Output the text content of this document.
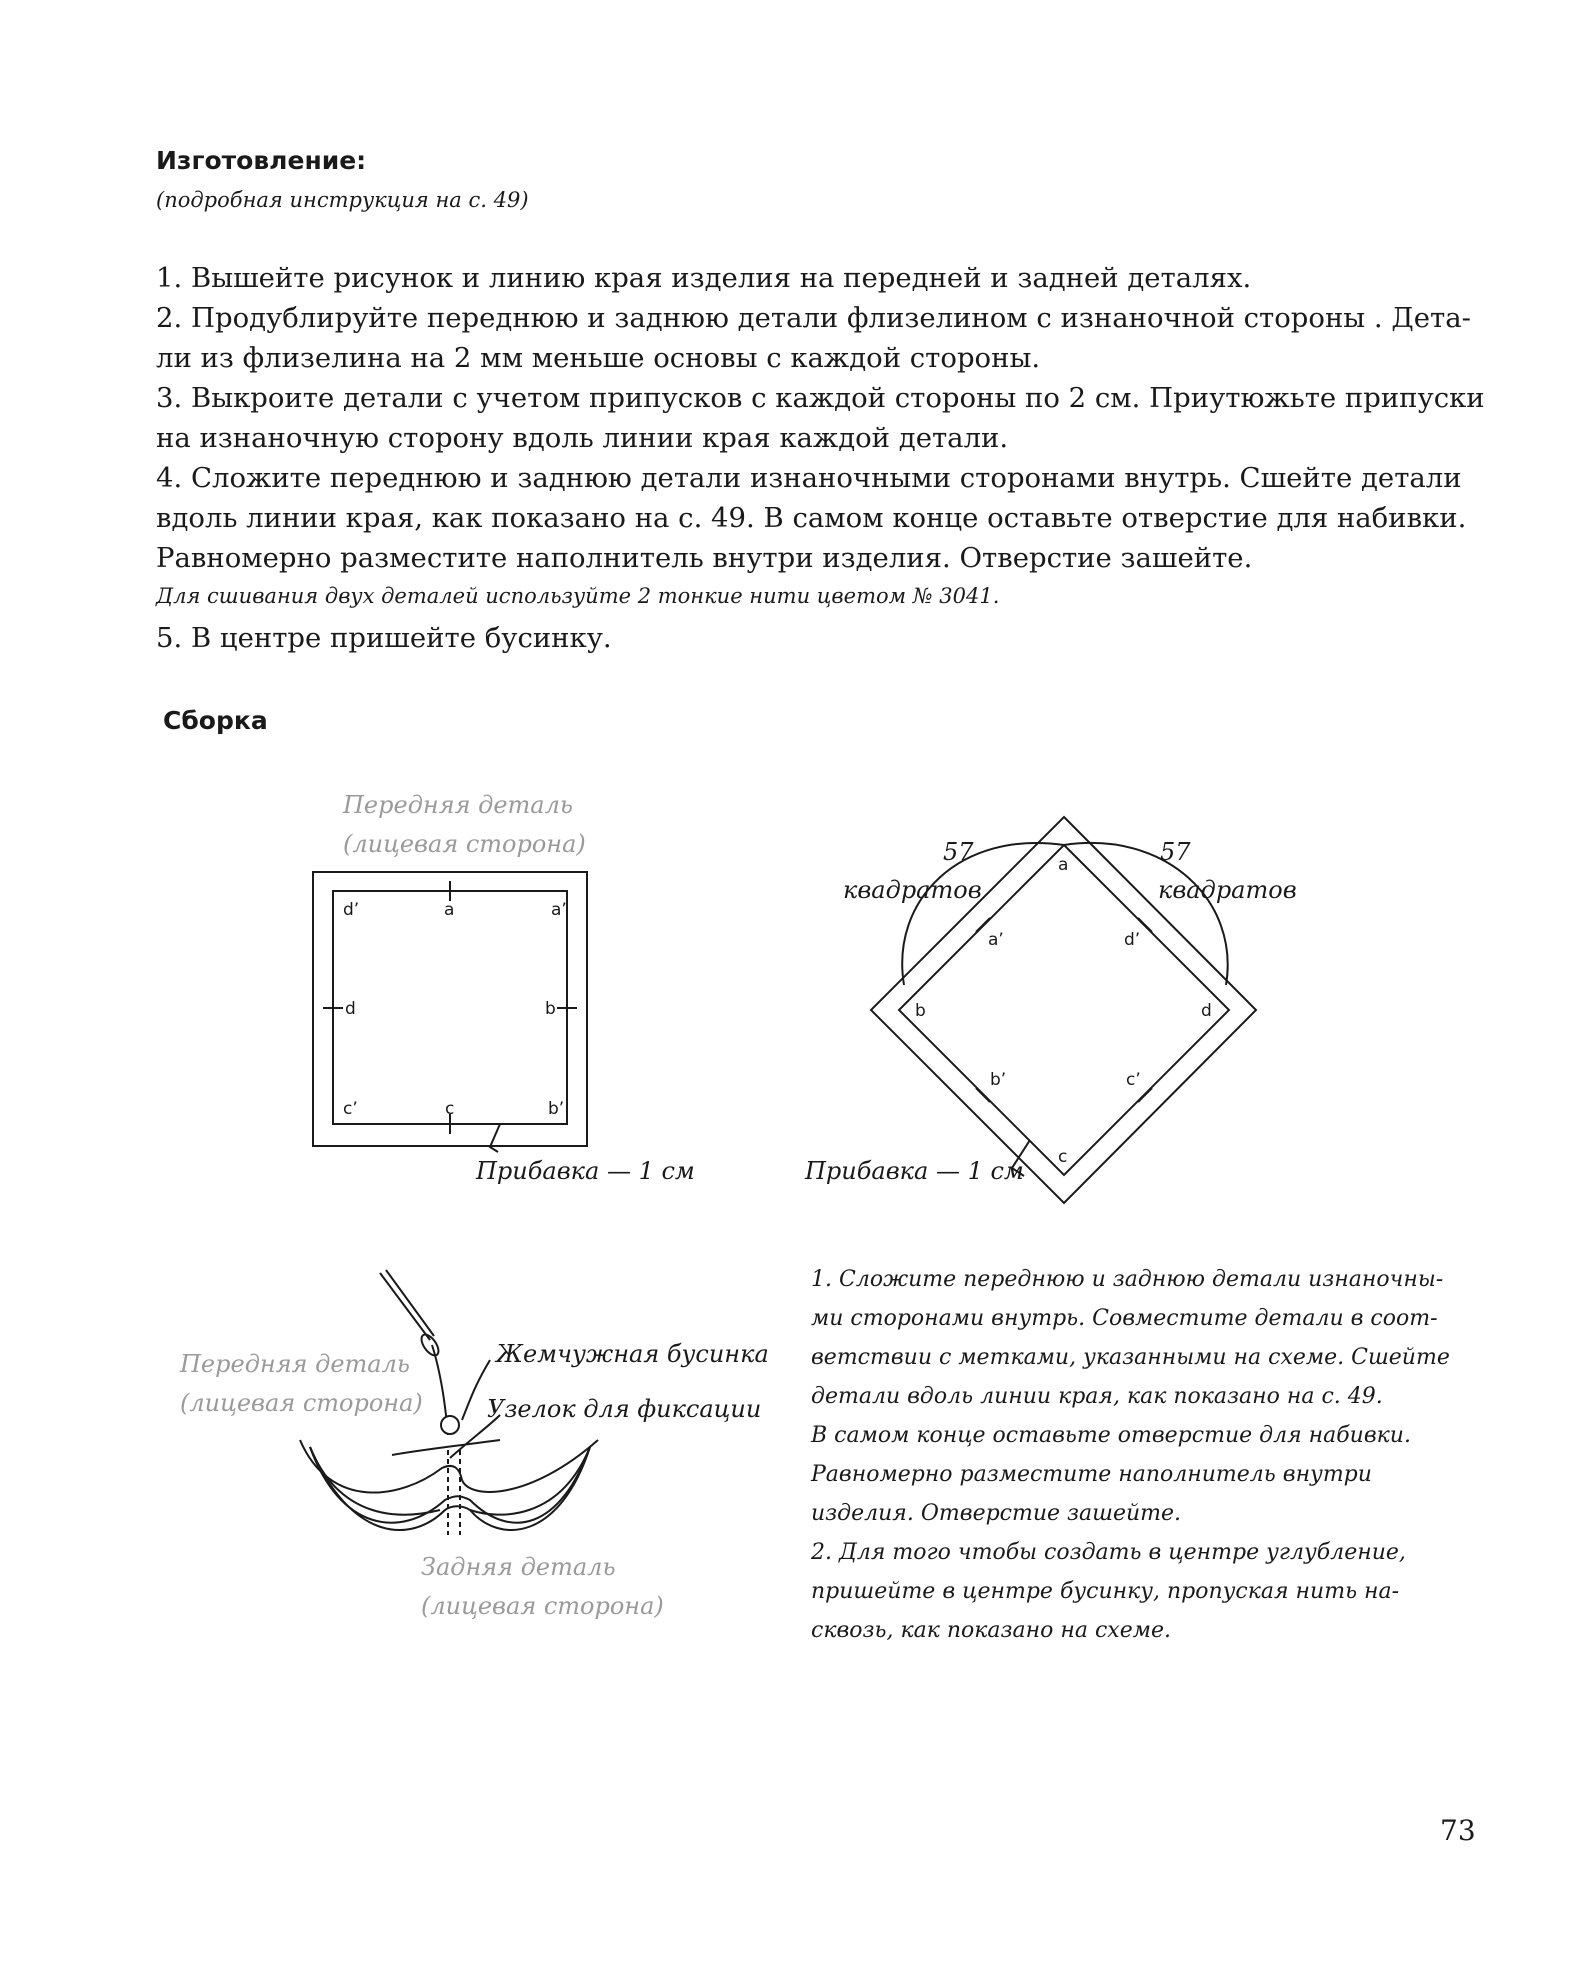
Изготовление:
(подробная инструкция на с. 49)
1. Вышейте рисунок и линию края изделия на передней и задней деталях.
2. Продублируйте переднюю и заднюю детали флизелином с изнаночной стороны . Дета-
ли из флизелина на 2 мм меньше основы с каждой стороны.
3. Выкроите детали с учетом припусков с каждой стороны по 2 см. Приутюжьте припуски
на изнаночную сторону вдоль линии края каждой детали.
4. Сложите переднюю и заднюю детали изнаночными сторонами внутрь. Сшейте детали
вдоль линии края, как показано на с. 49. В самом конце оставьте отверстие для набивки.
Равномерно разместите наполнитель внутри изделия. Отверстие зашейте.
Для сшивания двух деталей используйте 2 тонкие нити цветом № 3041.
5. В центре пришейте бусинку.
Сборка
Передняя деталь
(лицевая сторона)
Прибавка — 1 см
57
квадратов
57
квадратов
Прибавка — 1 см
Передняя деталь
(лицевая сторона)
Жемчужная бусинка
Узелок для фиксации
Задняя деталь
(лицевая сторона)
d’	a	a’
d	b
c’	c	b’
a
a’	d’
b	d
b’	c’
c

1. Сложите переднюю и заднюю детали изнаночны-

ми сторонами внутрь. Совместите детали в соот-

ветствии с метками, указанными на схеме. Сшейте

детали вдоль линии края, как показано на с. 49.

В самом конце оставьте отверстие для набивки.

Равномерно разместите наполнитель внутри

изделия. Отверстие зашейте.

2. Для того чтобы создать в центре углубление,

пришейте в центре бусинку, пропуская нить на-

сквозь, как показано на схеме.

73
